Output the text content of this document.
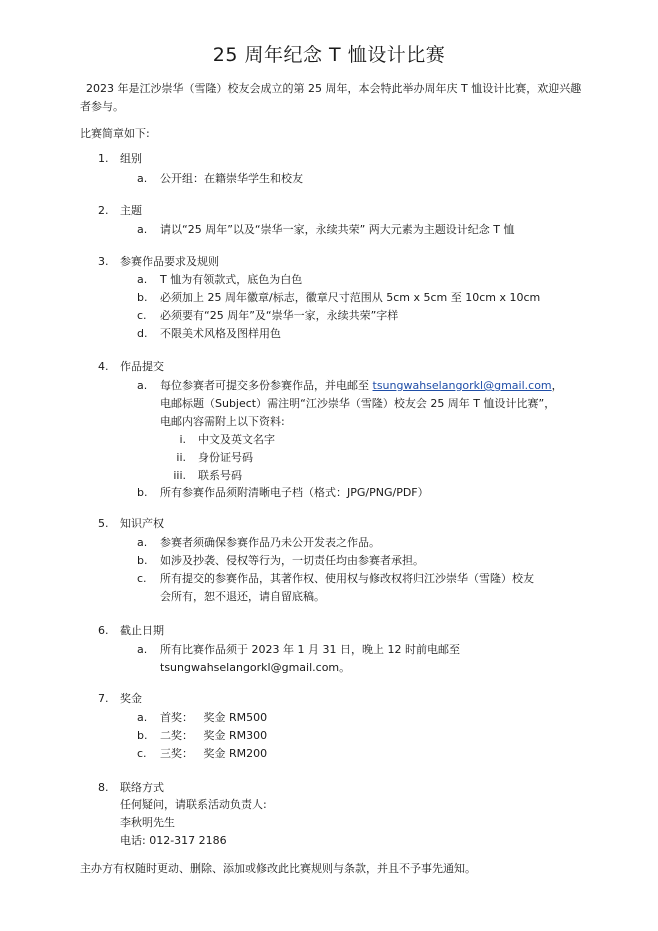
25 周年纪念 T 恤设计比赛
2023 年是江沙崇华（雪隆）校友会成立的第 25 周年，本会特此举办周年庆 T 恤设计比赛，欢迎兴趣者参与。
比赛简章如下:
1. 组别
a.	公开组：在籍崇华学生和校友
2. 主题
a.	请以“25 周年”以及“崇华一家，永续共荣” 两大元素为主题设计纪念 T 恤
3. 参赛作品要求及规则
a.	T 恤为有领款式，底色为白色
b.	必须加上 25 周年徽章/标志，徽章尺寸范围从 5cm x 5cm 至 10cm x 10cm
c.	必须要有“25 周年”及“崇华一家，永续共荣”字样
d.	不限美术风格及图样用色
4. 作品提交
a.	每位参赛者可提交多份参赛作品，并电邮至 tsungwahselangorkl@gmail.com，
电邮标题（Subject）需注明“江沙崇华（雪隆）校友会 25 周年 T 恤设计比赛”，
电邮内容需附上以下资料:
i. 中文及英文名字
ii. 身份证号码
iii. 联系号码
b.	所有参赛作品须附清晰电子档（格式：JPG/PNG/PDF）
5. 知识产权
a.	参赛者须确保参赛作品乃未公开发表之作品。
b.	如涉及抄袭、侵权等行为，一切责任均由参赛者承担。
c.	所有提交的参赛作品，其著作权、使用权与修改权将归江沙崇华（雪隆）校友
会所有，恕不退还，请自留底稿。
6. 截止日期
a.	所有比赛作品须于 2023 年 1 月 31 日，晚上 12 时前电邮至
tsungwahselangorkl@gmail.com。
7. 奖金
a.	首奖：   奖金 RM500
b.	二奖：   奖金 RM300
c.	三奖：   奖金 RM200
8. 联络方式
任何疑问，请联系活动负责人:
李秋明先生
电话: 012-317 2186
主办方有权随时更动、删除、添加或修改此比赛规则与条款，并且不予事先通知。
